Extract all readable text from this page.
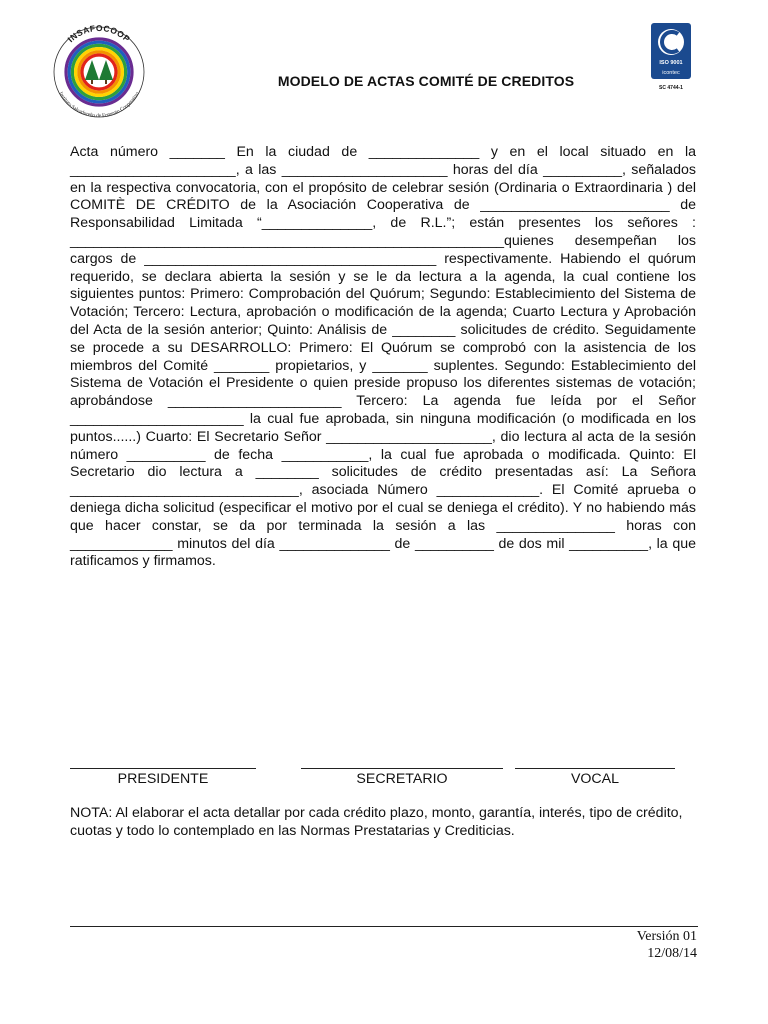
INSAFOCOOP
Instituto Salvadoreño de Fomento Cooperativo
ISO 9001
icontec
SC 4744-1
MODELO DE ACTAS COMITÉ DE CREDITOS

Acta número _______ En la ciudad de ______________ y en el local situado en la _____________________, a las _____________________ horas del día __________, señalados en la respectiva convocatoria, con el propósito de celebrar sesión (Ordinaria o Extraordinaria ) del COMITÈ DE CRÉDITO de la Asociación Cooperativa de ________________________ de Responsabilidad Limitada “______________, de R.L.”; están presentes los señores : _______________________________________________________quienes desempeñan los cargos de _____________________________________ respectivamente. Habiendo el quórum requerido, se declara abierta la sesión y se le da lectura a la agenda, la cual contiene los siguientes puntos: Primero: Comprobación del Quórum; Segundo: Establecimiento del Sistema de Votación; Tercero: Lectura, aprobación o modificación de la agenda; Cuarto Lectura y Aprobación del Acta de la sesión anterior; Quinto: Análisis de ________ solicitudes de crédito. Seguidamente se procede a su DESARROLLO: Primero: El Quórum se comprobó con la asistencia de los miembros del Comité _______ propietarios, y _______ suplentes. Segundo: Establecimiento del Sistema de Votación el Presidente o quien preside propuso los diferentes sistemas de votación; aprobándose ______________________ Tercero: La agenda fue leída por el Señor ______________________ la cual fue aprobada, sin ninguna modificación (o modificada en los puntos......) Cuarto: El Secretario Señor _____________________, dio lectura al acta de la sesión número __________ de fecha ___________, la cual fue aprobada o modificada. Quinto: El Secretario dio lectura a ________ solicitudes de crédito presentadas así: La Señora _____________________________, asociada Número _____________. El Comité aprueba o deniega dicha solicitud (especificar el motivo por el cual se deniega el crédito). Y no habiendo más que hacer constar, se da por terminada la sesión a las _______________ horas con _____________ minutos del día ______________ de __________ de dos mil __________, la que ratificamos y firmamos.

PRESIDENTE	SECRETARIO	VOCAL
NOTA: Al elaborar el acta detallar por cada crédito plazo, monto, garantía, interés, tipo de crédito, cuotas y todo lo contemplado en las Normas Prestatarias y Crediticias.
Versión 01
12/08/14
